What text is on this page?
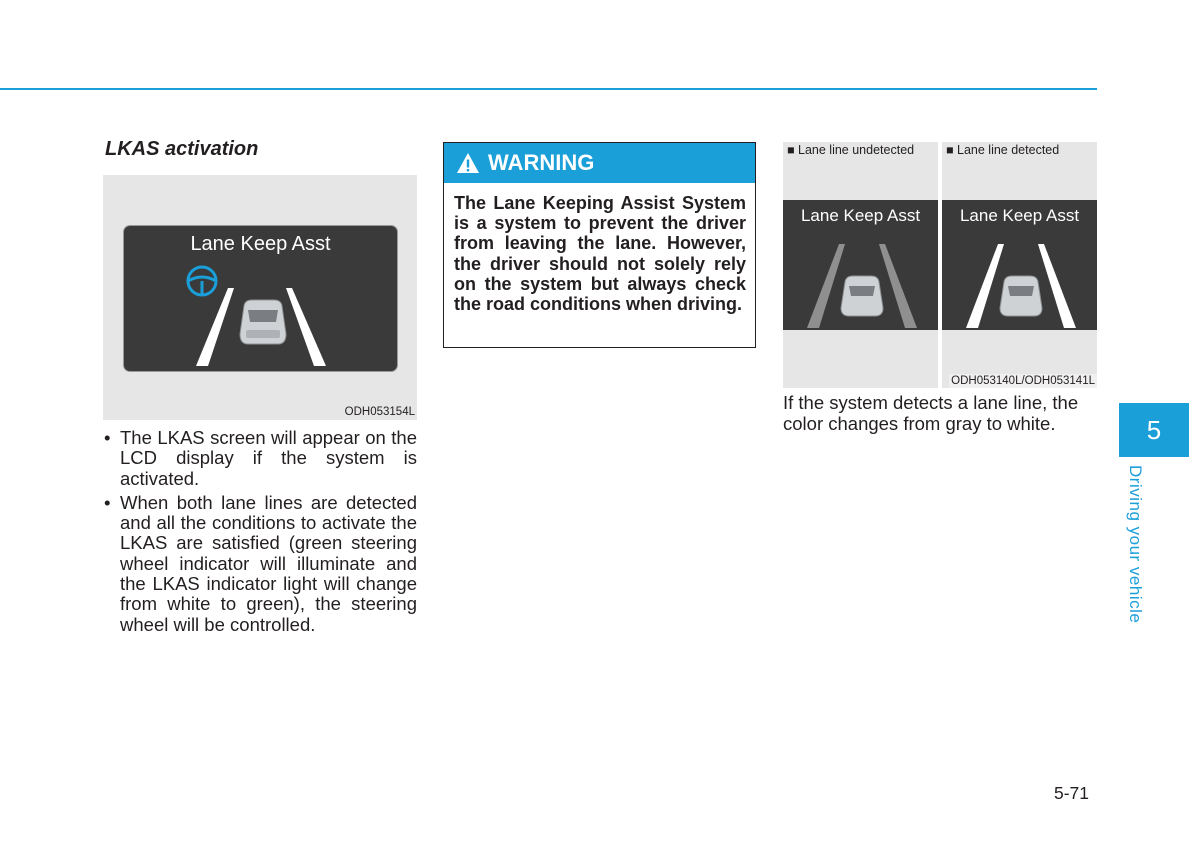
LKAS activation
Lane Keep Asst
ODH053154L
• The LKAS screen will appear on the LCD display if the system is activated.
• When both lane lines are detected and all the conditions to activate the LKAS are satisfied (green steering wheel indicator will illuminate and the LKAS indicator light will change from white to green), the steering wheel will be controlled.
WARNING
The Lane Keeping Assist System is a system to prevent the driver from leaving the lane. However, the driver should not solely rely on the system but always check the road conditions when driving.
■ Lane line undetected
Lane Keep Asst
■ Lane line detected
Lane Keep Asst
ODH053140L/ODH053141L
If the system detects a lane line, the color changes from gray to white.	5
Driving your vehicle
5-71
